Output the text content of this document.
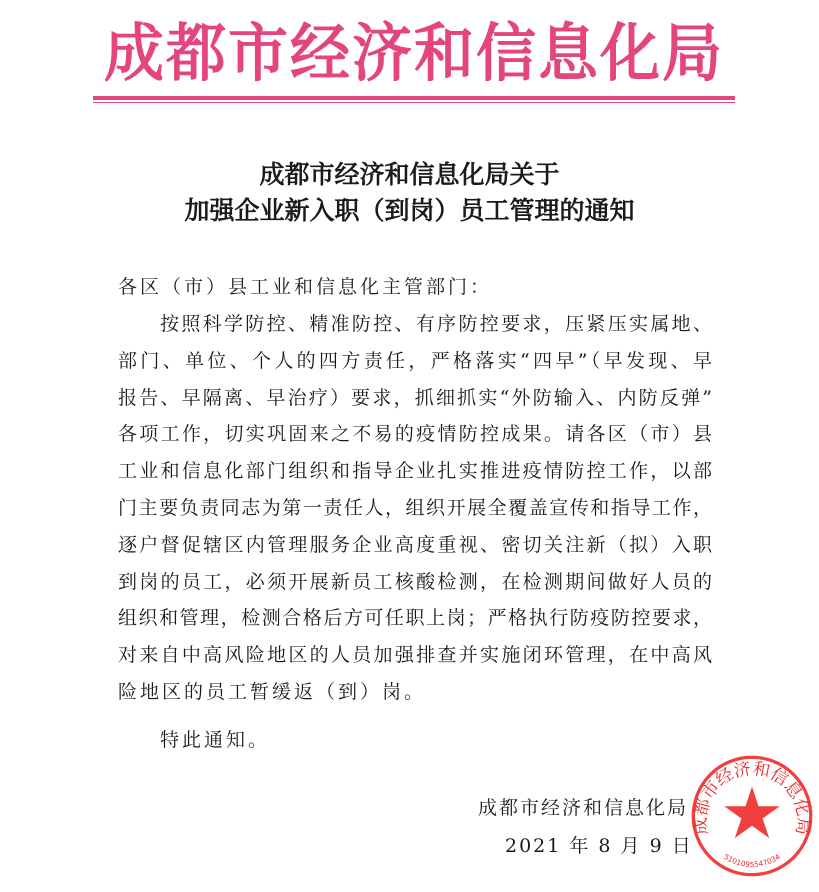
成都市经济和信息化局
成都市经济和信息化局关于
加强企业新入职（到岗）员工管理的通知
各区（市）县工业和信息化主管部门：
按照科学防控、精准防控、有序防控要求，压紧压实属地、
部门、单位、个人的四方责任，严格落实“四早”（早发现、早
报告、早隔离、早治疗）要求，抓细抓实“外防输入、内防反弹”
各项工作，切实巩固来之不易的疫情防控成果。请各区（市）县
工业和信息化部门组织和指导企业扎实推进疫情防控工作，以部
门主要负责同志为第一责任人，组织开展全覆盖宣传和指导工作，
逐户督促辖区内管理服务企业高度重视、密切关注新（拟）入职
到岗的员工，必须开展新员工核酸检测，在检测期间做好人员的
组织和管理，检测合格后方可任职上岗；严格执行防疫防控要求，
对来自中高风险地区的人员加强排查并实施闭环管理，在中高风
险地区的员工暂缓返（到）岗。
特此通知。
成都市经济和信息化局
2021 年 8 月 9 日
成都市经济和信息化局
5101095547034
